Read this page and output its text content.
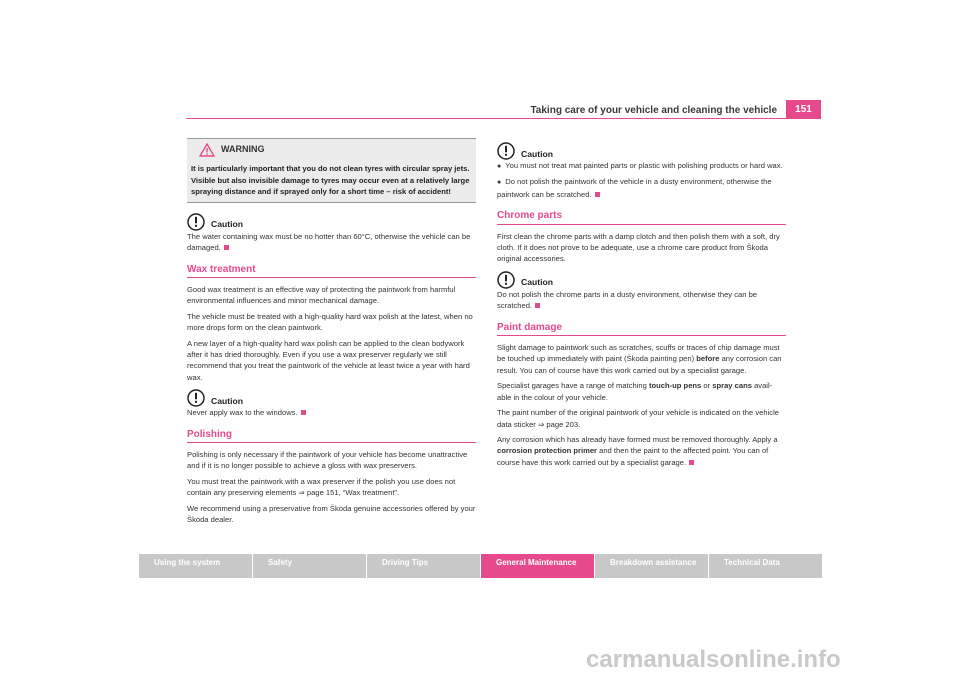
Taking care of your vehicle and cleaning the vehicle	151
WARNING
It is particularly important that you do not clean tyres with circular spray jets. Visible but also invisible damage to tyres may occur even at a relatively large spraying distance and if sprayed only for a short time – risk of accident!
Caution

The water containing wax must be no hotter than 60°C, otherwise the vehicle can be damaged.

Wax treatment

Good wax treatment is an effective way of protecting the paintwork from harmful environmental influences and minor mechanical damage.

The vehicle must be treated with a high-quality hard wax polish at the latest, when no more drops form on the clean paintwork.

A new layer of a high-quality hard wax polish can be applied to the clean bodywork after it has dried thoroughly. Even if you use a wax preserver regularly we still recommend that you treat the paintwork of the vehicle at least twice a year with hard wax.

Caution

Never apply wax to the windows.

Polishing

Polishing is only necessary if the paintwork of your vehicle has become unattractive and if it is no longer possible to achieve a gloss with wax preservers.

You must treat the paintwork with a wax preserver if the polish you use does not contain any preserving elements ⇒ page 151, “Wax treatment”.

We recommend using a preservative from Škoda genuine accessories offered by your Škoda dealer.

Caution

● You must not treat mat painted parts or plastic with polishing products or hard wax.

● Do not polish the paintwork of the vehicle in a dusty environment, otherwise the paintwork can be scratched.

Chrome parts

First clean the chrome parts with a damp clotch and then polish them with a soft, dry cloth. If it does not prove to be adequate, use a chrome care product from Škoda original accessories.

Caution

Do not polish the chrome parts in a dusty environment, otherwise they can be scratched.

Paint damage

Slight damage to paintwork such as scratches, scuffs or traces of chip damage must be touched up immediately with paint (Škoda painting pen) before any corrosion can result. You can of course have this work carried out by a specialist garage.

Specialist garages have a range of matching touch-up pens or spray cans avail- able in the colour of your vehicle.

The paint number of the original paintwork of your vehicle is indicated on the vehicle data sticker ⇒ page 203.

Any corrosion which has already have formed must be removed thoroughly. Apply a corrosion protection primer and then the paint to the affected point. You can of course have this work carried out by a specialist garage.

Using the system	Safety	Driving Tips	General Maintenance	Breakdown assistance	Technical Data
carmanualsonline.info
